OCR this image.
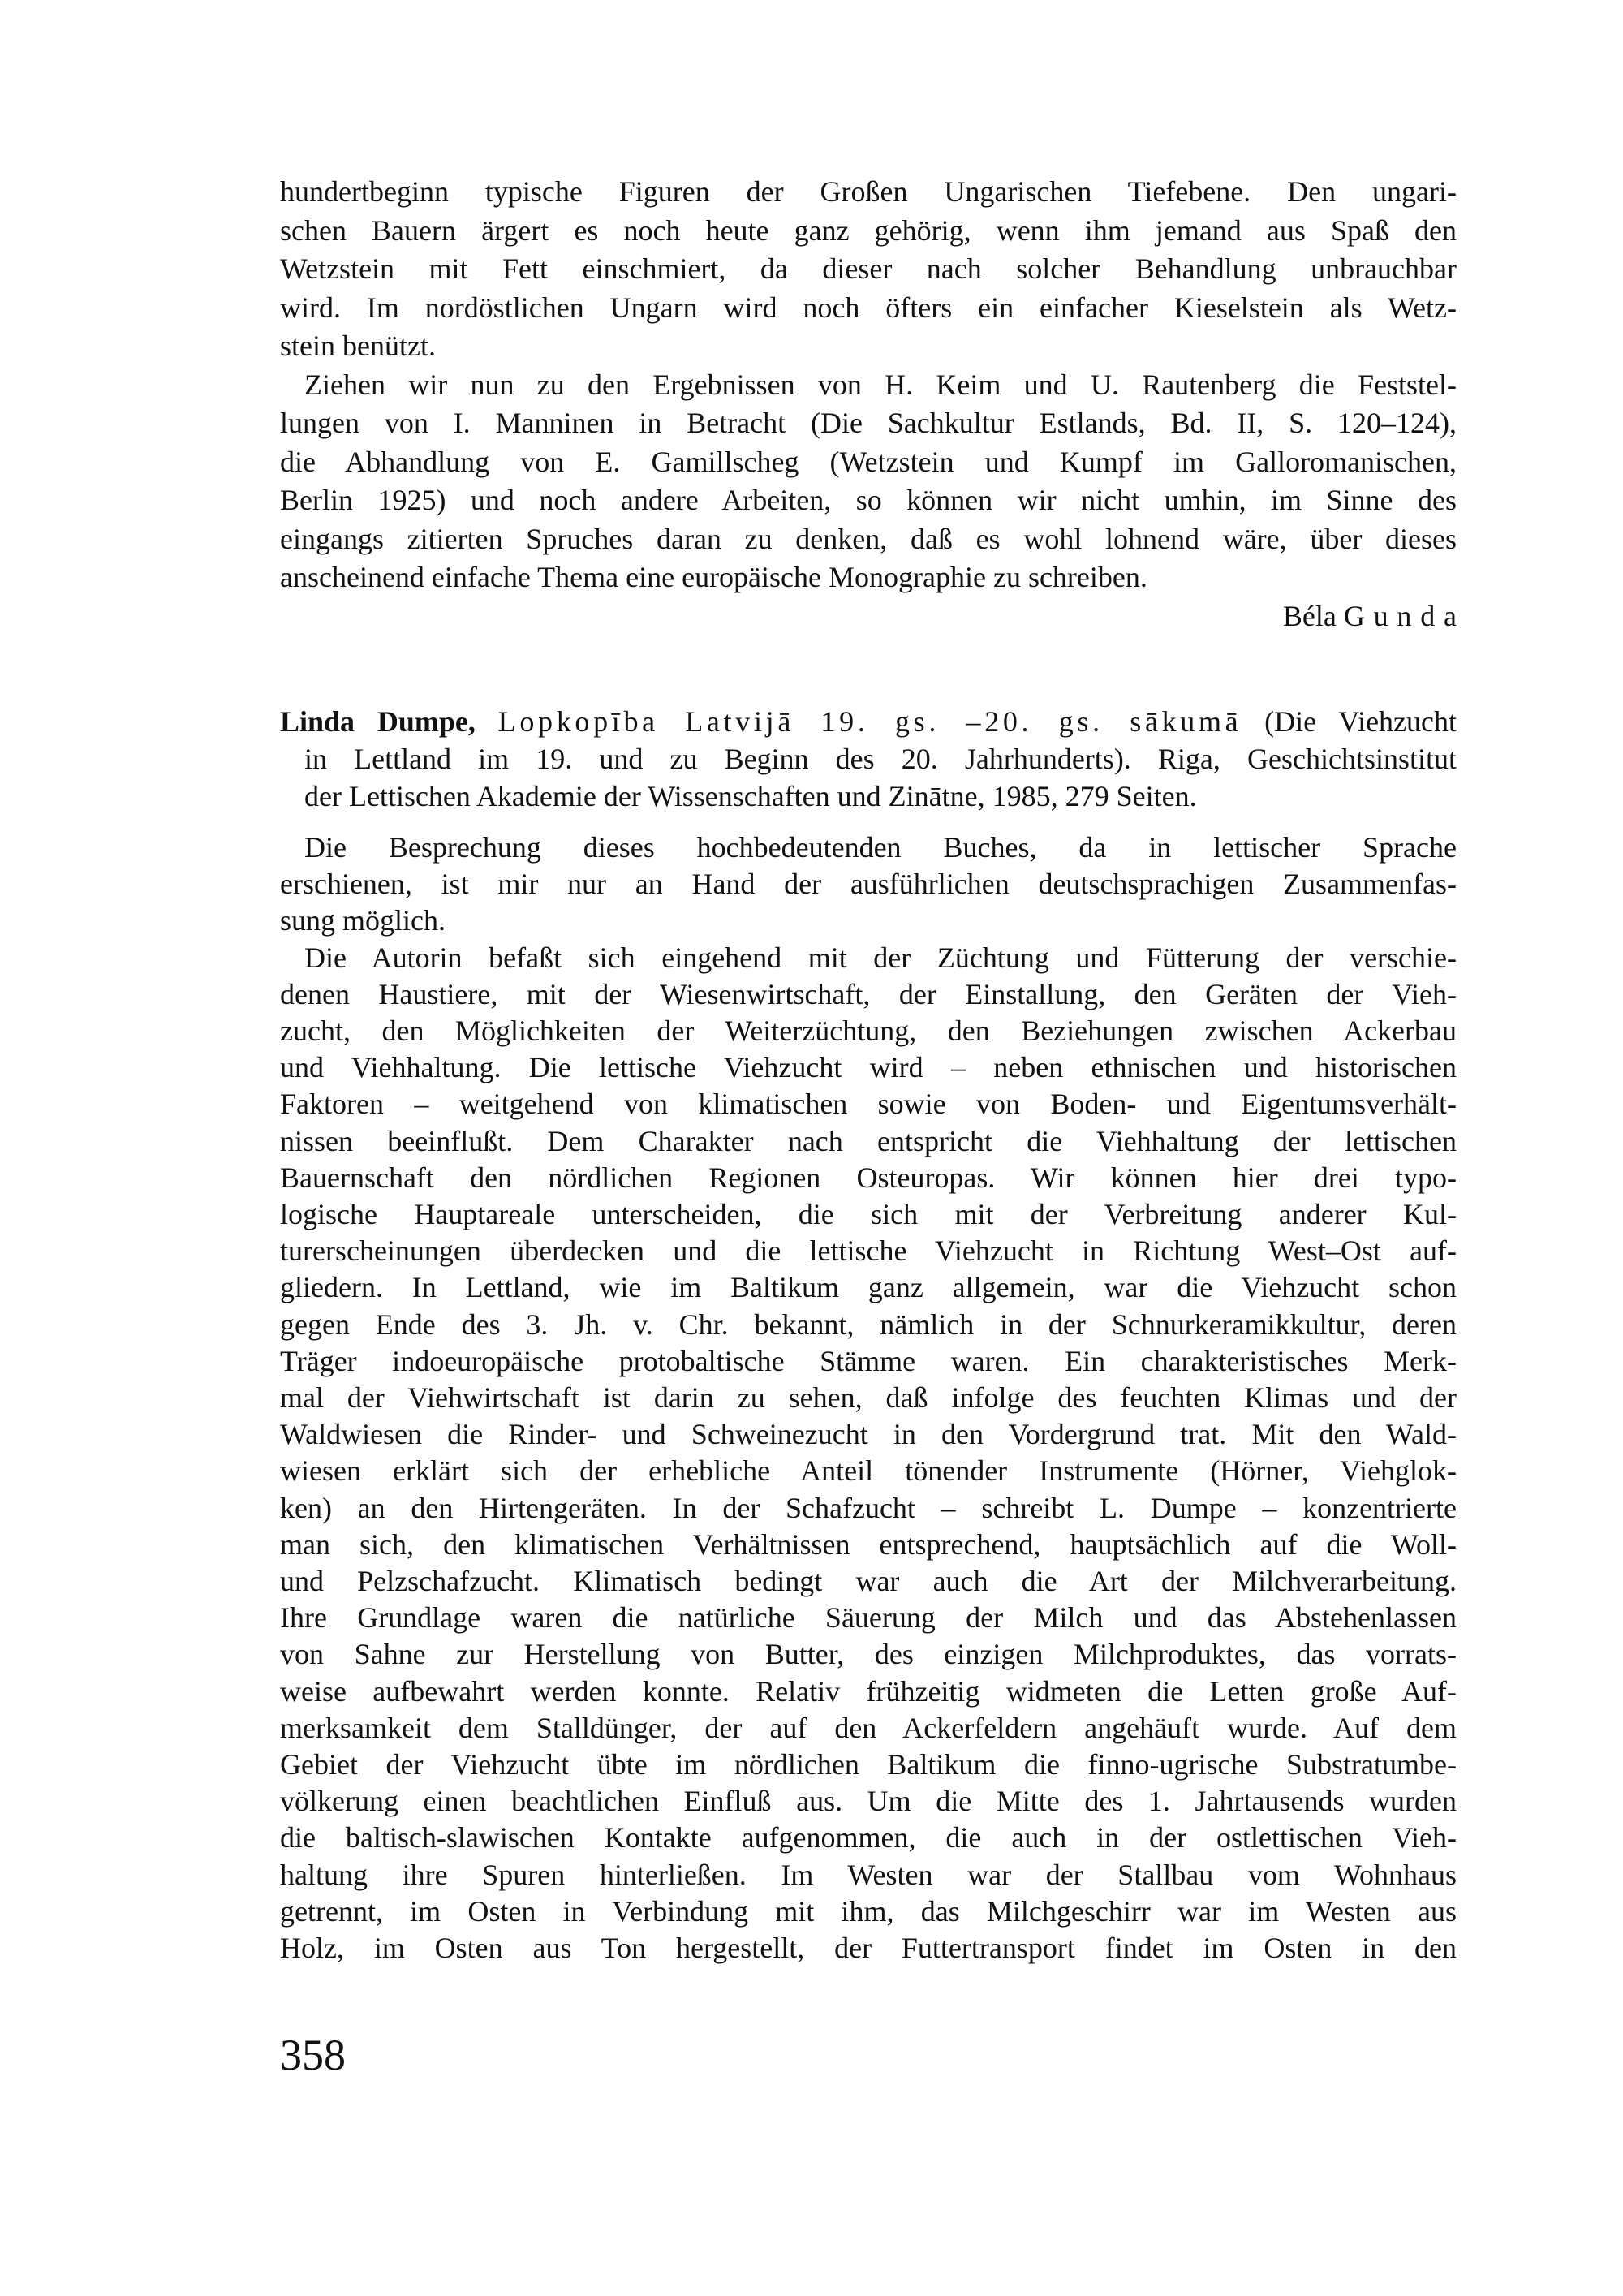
hundertbeginn typische Figuren der Großen Ungarischen Tiefebene. Den ungari-
schen Bauern ärgert es noch heute ganz gehörig, wenn ihm jemand aus Spaß den
Wetzstein mit Fett einschmiert, da dieser nach solcher Behandlung unbrauchbar
wird. Im nordöstlichen Ungarn wird noch öfters ein einfacher Kieselstein als Wetz-
stein benützt.
Ziehen wir nun zu den Ergebnissen von H. Keim und U. Rautenberg die Feststel-
lungen von I. Manninen in Betracht (Die Sachkultur Estlands, Bd. II, S. 120–124),
die Abhandlung von E. Gamillscheg (Wetzstein und Kumpf im Galloromanischen,
Berlin 1925) und noch andere Arbeiten, so können wir nicht umhin, im Sinne des
eingangs zitierten Spruches daran zu denken, daß es wohl lohnend wäre, über dieses
anscheinend einfache Thema eine europäische Monographie zu schreiben.
Béla Gunda
Linda Dumpe, Lopkopība Latvijā 19. gs. –20. gs. sākumā (Die Viehzucht
in Lettland im 19. und zu Beginn des 20. Jahrhunderts). Riga, Geschichtsinstitut
der Lettischen Akademie der Wissenschaften und Zinātne, 1985, 279 Seiten.
Die Besprechung dieses hochbedeutenden Buches, da in lettischer Sprache
erschienen, ist mir nur an Hand der ausführlichen deutschsprachigen Zusammenfas-
sung möglich.
Die Autorin befaßt sich eingehend mit der Züchtung und Fütterung der verschie-
denen Haustiere, mit der Wiesenwirtschaft, der Einstallung, den Geräten der Vieh-
zucht, den Möglichkeiten der Weiterzüchtung, den Beziehungen zwischen Ackerbau
und Viehhaltung. Die lettische Viehzucht wird – neben ethnischen und historischen
Faktoren – weitgehend von klimatischen sowie von Boden- und Eigentumsverhält-
nissen beeinflußt. Dem Charakter nach entspricht die Viehhaltung der lettischen
Bauernschaft den nördlichen Regionen Osteuropas. Wir können hier drei typo-
logische Hauptareale unterscheiden, die sich mit der Verbreitung anderer Kul-
turerscheinungen überdecken und die lettische Viehzucht in Richtung West–Ost auf-
gliedern. In Lettland, wie im Baltikum ganz allgemein, war die Viehzucht schon
gegen Ende des 3. Jh. v. Chr. bekannt, nämlich in der Schnurkeramikkultur, deren
Träger indoeuropäische protobaltische Stämme waren. Ein charakteristisches Merk-
mal der Viehwirtschaft ist darin zu sehen, daß infolge des feuchten Klimas und der
Waldwiesen die Rinder- und Schweinezucht in den Vordergrund trat. Mit den Wald-
wiesen erklärt sich der erhebliche Anteil tönender Instrumente (Hörner, Viehglok-
ken) an den Hirtengeräten. In der Schafzucht – schreibt L. Dumpe – konzentrierte
man sich, den klimatischen Verhältnissen entsprechend, hauptsächlich auf die Woll-
und Pelzschafzucht. Klimatisch bedingt war auch die Art der Milchverarbeitung.
Ihre Grundlage waren die natürliche Säuerung der Milch und das Abstehenlassen
von Sahne zur Herstellung von Butter, des einzigen Milchproduktes, das vorrats-
weise aufbewahrt werden konnte. Relativ frühzeitig widmeten die Letten große Auf-
merksamkeit dem Stalldünger, der auf den Ackerfeldern angehäuft wurde. Auf dem
Gebiet der Viehzucht übte im nördlichen Baltikum die finno-ugrische Substratumbe-
völkerung einen beachtlichen Einfluß aus. Um die Mitte des 1. Jahrtausends wurden
die baltisch-slawischen Kontakte aufgenommen, die auch in der ostlettischen Vieh-
haltung ihre Spuren hinterließen. Im Westen war der Stallbau vom Wohnhaus
getrennt, im Osten in Verbindung mit ihm, das Milchgeschirr war im Westen aus
Holz, im Osten aus Ton hergestellt, der Futtertransport findet im Osten in den
358
